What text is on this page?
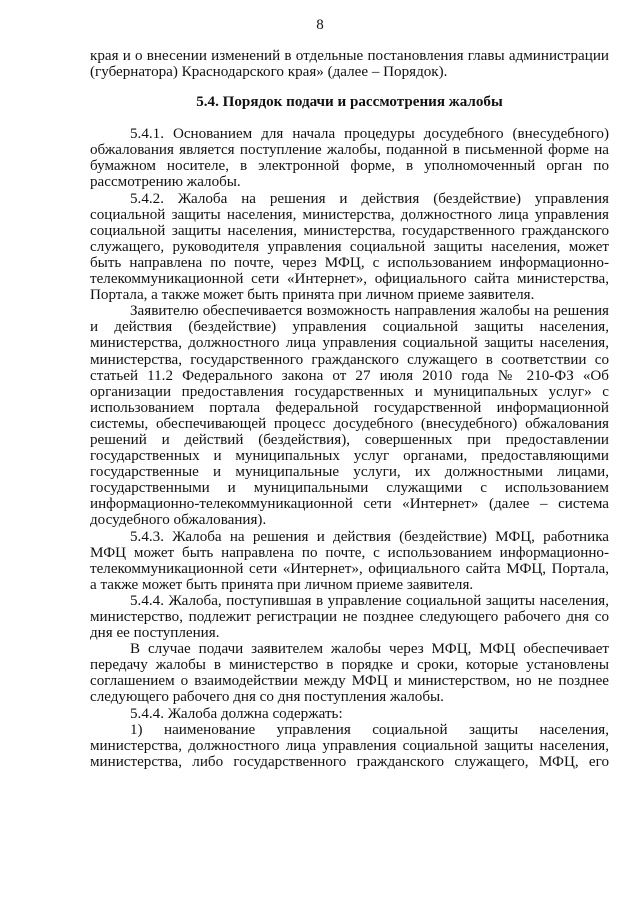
8
края и о внесении изменений в отдельные постановления главы администрации
(губернатора) Краснодарского края» (далее – Порядок).
5.4. Порядок подачи и рассмотрения жалобы
5.4.1. Основанием для начала процедуры досудебного (внесудебного)
обжалования является поступление жалобы, поданной в письменной форме на
бумажном носителе, в электронной форме, в уполномоченный орган по
рассмотрению жалобы.
5.4.2. Жалоба на решения и действия (бездействие) управления
социальной защиты населения, министерства, должностного лица управления
социальной защиты населения, министерства, государственного гражданского
служащего, руководителя управления социальной защиты населения, может
быть направлена по почте, через МФЦ, с использованием информационно-
телекоммуникационной сети «Интернет», официального сайта министерства,
Портала, а также может быть принята при личном приеме заявителя.
Заявителю обеспечивается возможность направления жалобы на решения
и действия (бездействие) управления социальной защиты населения,
министерства, должностного лица управления социальной защиты населения,
министерства, государственного гражданского служащего в соответствии со
статьей 11.2 Федерального закона от 27 июля 2010 года № 210-ФЗ «Об
организации предоставления государственных и муниципальных услуг» с
использованием портала федеральной государственной информационной
системы, обеспечивающей процесс досудебного (внесудебного) обжалования
решений и действий (бездействия), совершенных при предоставлении
государственных и муниципальных услуг органами, предоставляющими
государственные и муниципальные услуги, их должностными лицами,
государственными и муниципальными служащими с использованием
информационно-телекоммуникационной сети «Интернет» (далее – система
досудебного обжалования).
5.4.3. Жалоба на решения и действия (бездействие) МФЦ, работника
МФЦ может быть направлена по почте, с использованием информационно-
телекоммуникационной сети «Интернет», официального сайта МФЦ, Портала,
а также может быть принята при личном приеме заявителя.
5.4.4. Жалоба, поступившая в управление социальной защиты населения,
министерство, подлежит регистрации не позднее следующего рабочего дня со
дня ее поступления.
В случае подачи заявителем жалобы через МФЦ, МФЦ обеспечивает
передачу жалобы в министерство в порядке и сроки, которые установлены
соглашением о взаимодействии между МФЦ и министерством, но не позднее
следующего рабочего дня со дня поступления жалобы.
5.4.4. Жалоба должна содержать:
1) наименование управления социальной защиты населения,
министерства, должностного лица управления социальной защиты населения,
министерства, либо государственного гражданского служащего, МФЦ, его
